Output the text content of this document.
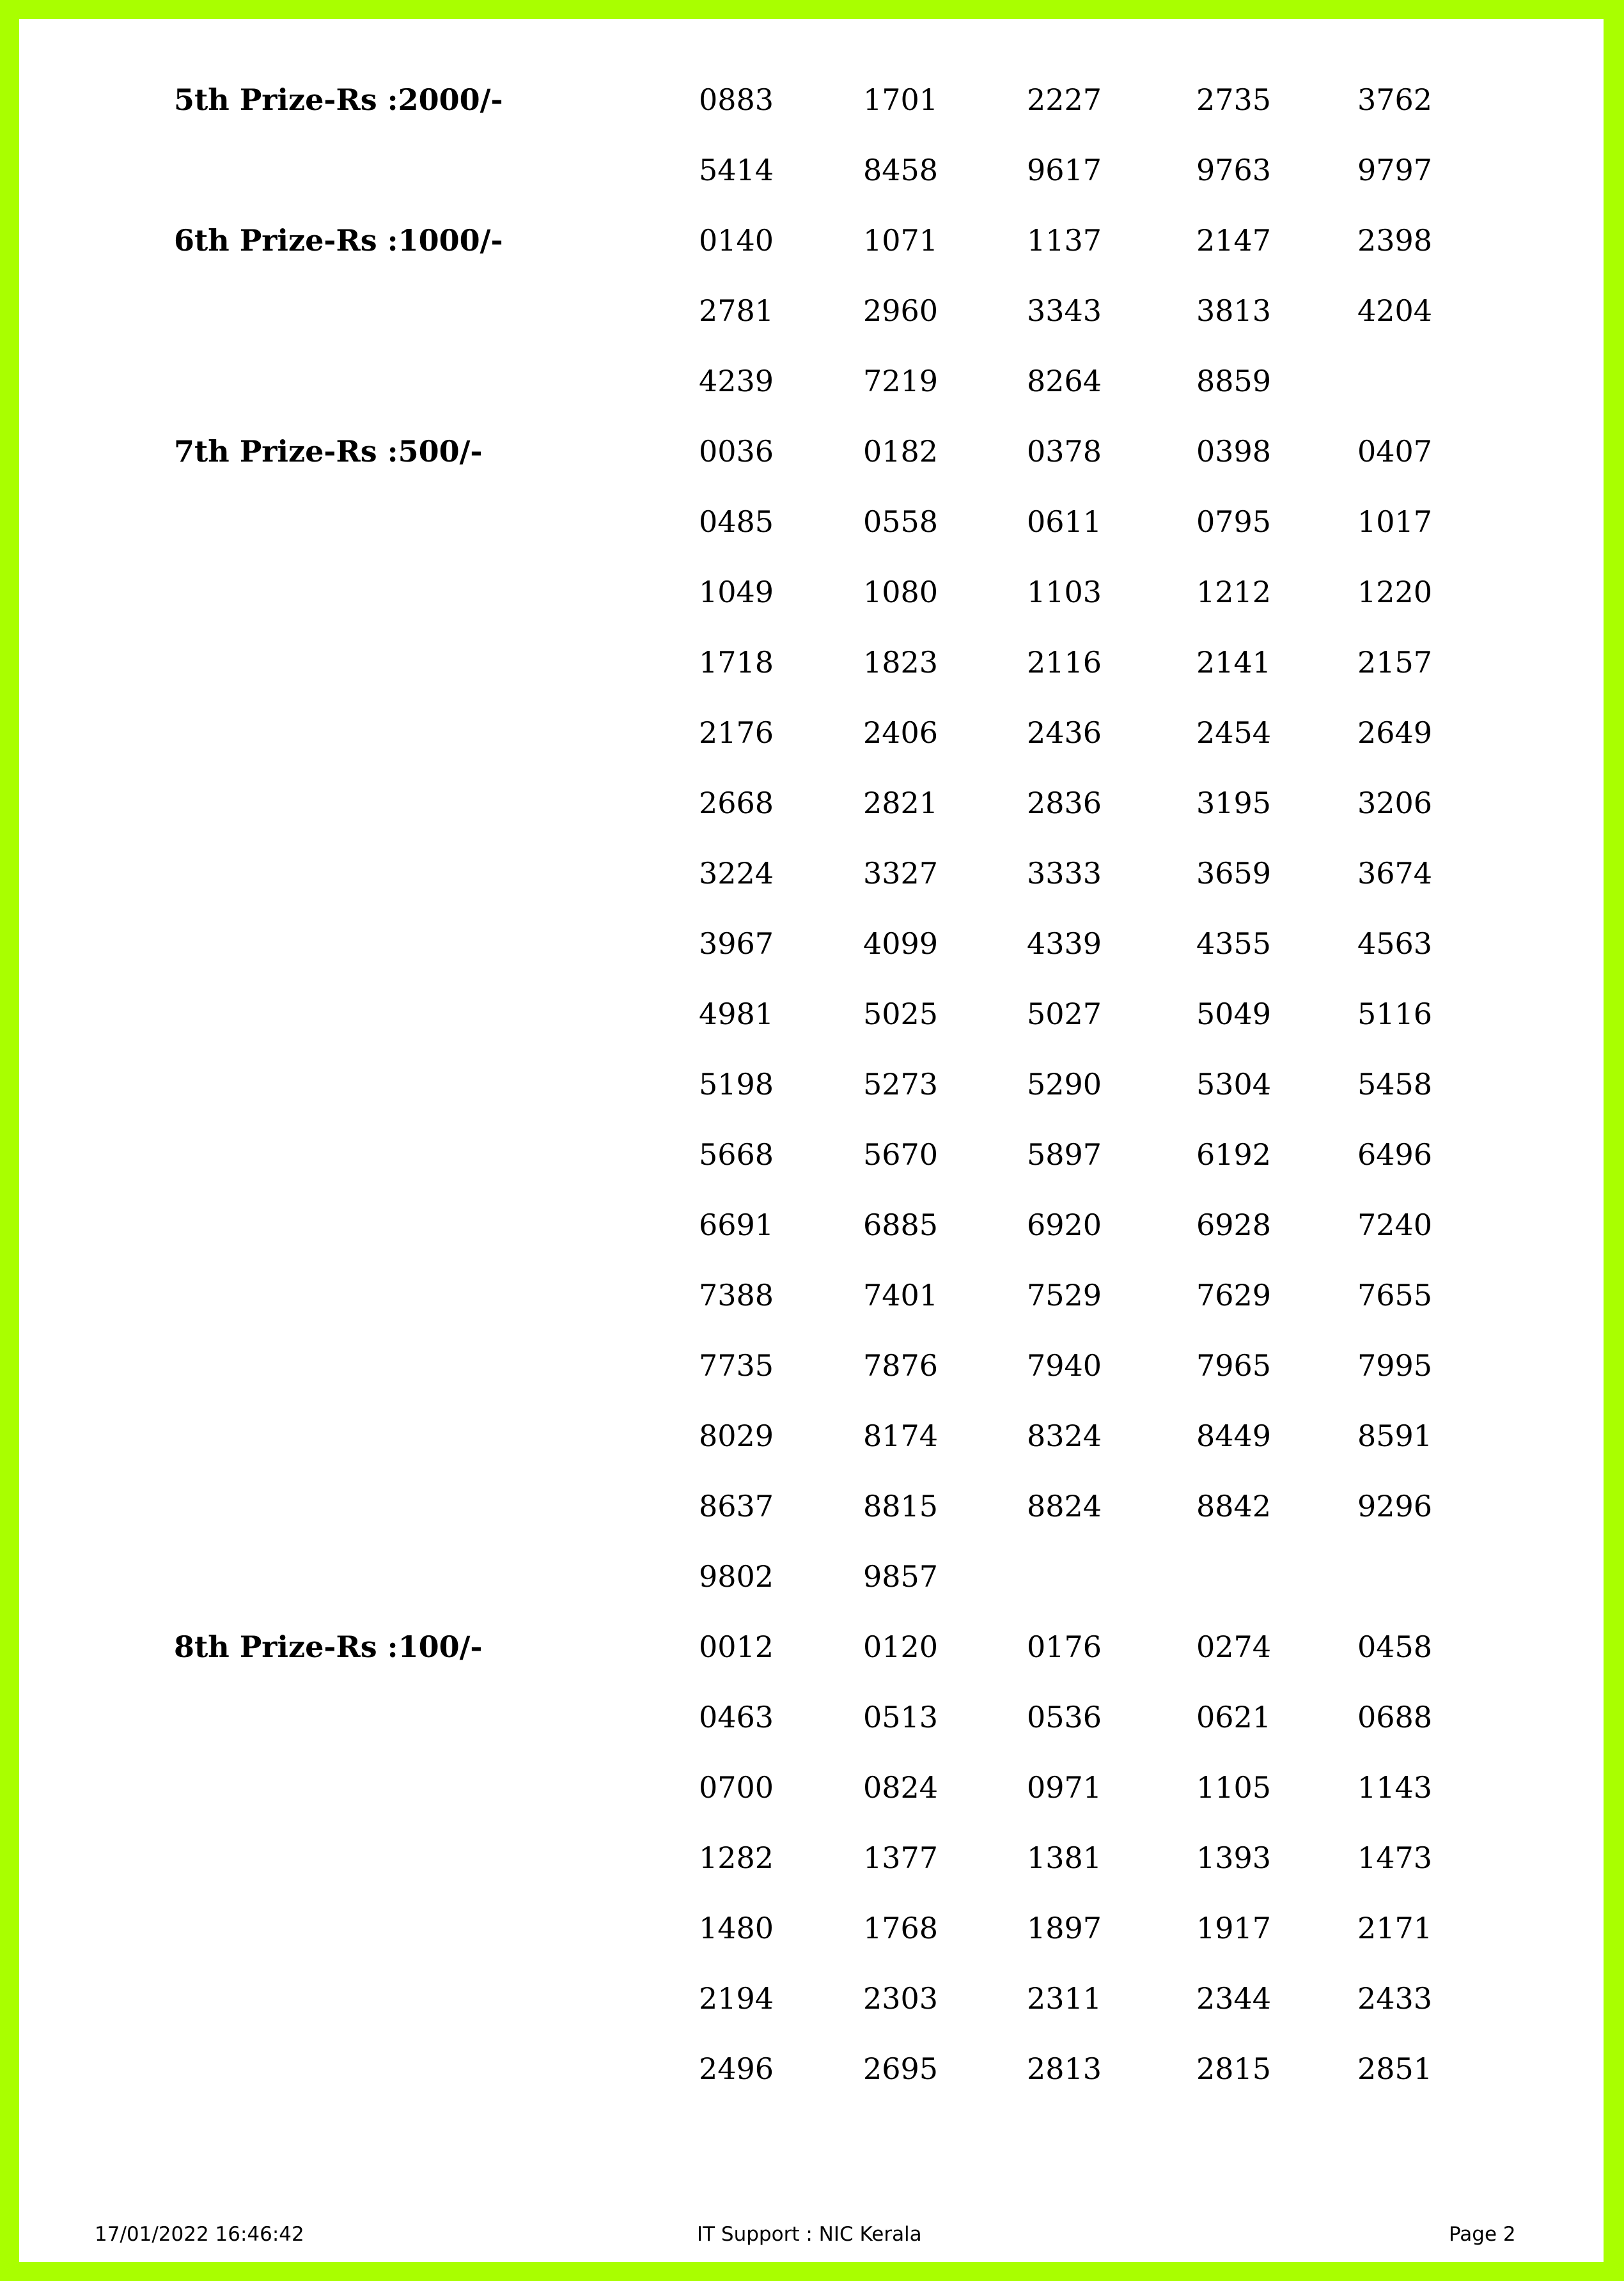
5th Prize-Rs :2000/-	0883	1701	2227	2735	3762
5414	8458	9617	9763	9797
6th Prize-Rs :1000/-	0140	1071	1137	2147	2398
2781	2960	3343	3813	4204
4239	7219	8264	8859
7th Prize-Rs :500/-	0036	0182	0378	0398	0407
0485	0558	0611	0795	1017
1049	1080	1103	1212	1220
1718	1823	2116	2141	2157
2176	2406	2436	2454	2649
2668	2821	2836	3195	3206
3224	3327	3333	3659	3674
3967	4099	4339	4355	4563
4981	5025	5027	5049	5116
5198	5273	5290	5304	5458
5668	5670	5897	6192	6496
6691	6885	6920	6928	7240
7388	7401	7529	7629	7655
7735	7876	7940	7965	7995
8029	8174	8324	8449	8591
8637	8815	8824	8842	9296
9802	9857
8th Prize-Rs :100/-	0012	0120	0176	0274	0458
0463	0513	0536	0621	0688
0700	0824	0971	1105	1143
1282	1377	1381	1393	1473
1480	1768	1897	1917	2171
2194	2303	2311	2344	2433
2496	2695	2813	2815	2851
17/01/2022 16:46:42	IT Support : NIC Kerala	Page 2
